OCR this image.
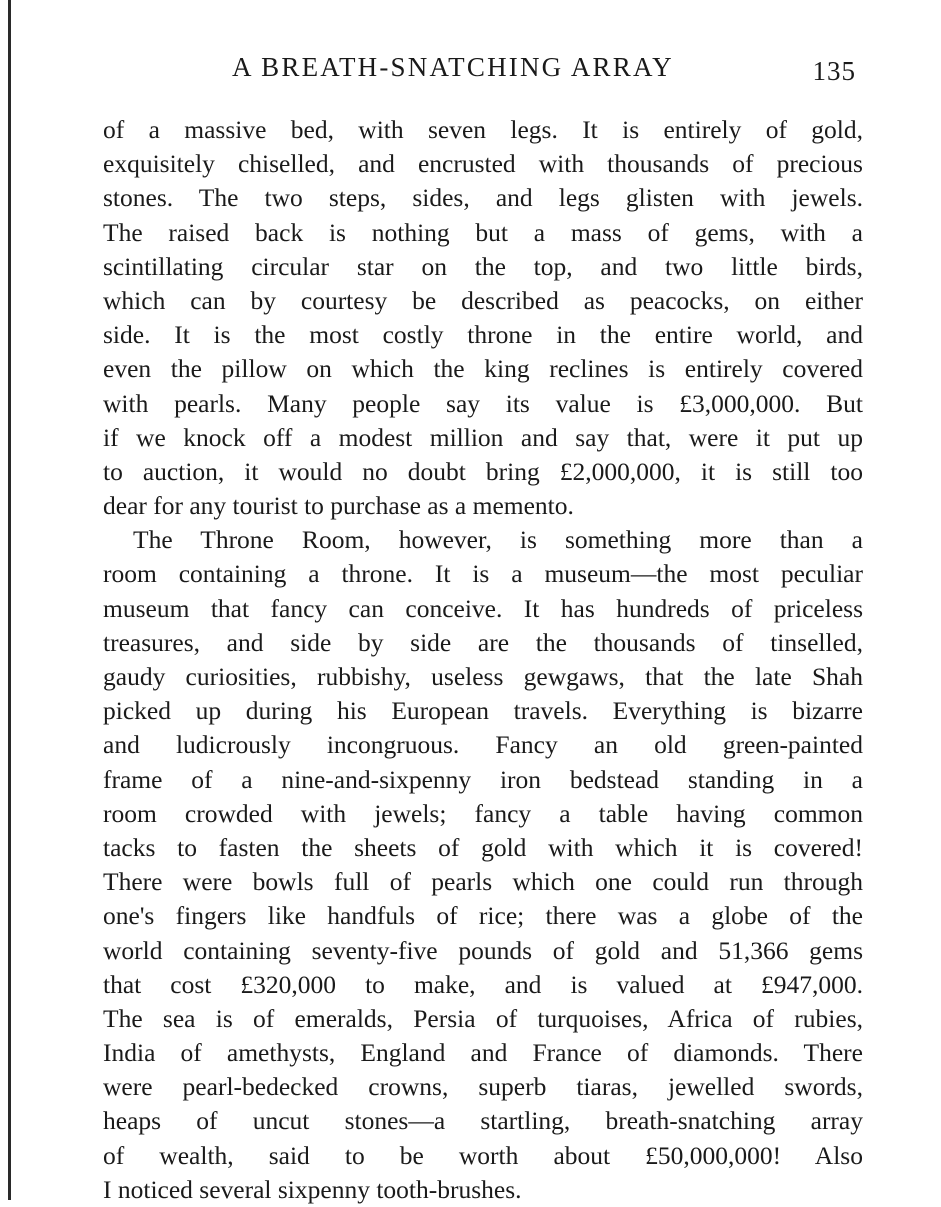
A BREATH-SNATCHING ARRAY	135
of a massive bed, with seven legs. It is entirely of gold,
exquisitely chiselled, and encrusted with thousands of precious
stones. The two steps, sides, and legs glisten with jewels.
The raised back is nothing but a mass of gems, with a
scintillating circular star on the top, and two little birds,
which can by courtesy be described as peacocks, on either
side. It is the most costly throne in the entire world, and
even the pillow on which the king reclines is entirely covered
with pearls. Many people say its value is £3,000,000. But
if we knock off a modest million and say that, were it put up
to auction, it would no doubt bring £2,000,000, it is still too
dear for any tourist to purchase as a memento.
The Throne Room, however, is something more than a
room containing a throne. It is a museum—the most peculiar
museum that fancy can conceive. It has hundreds of priceless
treasures, and side by side are the thousands of tinselled,
gaudy curiosities, rubbishy, useless gewgaws, that the late Shah
picked up during his European travels. Everything is bizarre
and ludicrously incongruous. Fancy an old green-painted
frame of a nine-and-sixpenny iron bedstead standing in a
room crowded with jewels; fancy a table having common
tacks to fasten the sheets of gold with which it is covered!
There were bowls full of pearls which one could run through
one's fingers like handfuls of rice; there was a globe of the
world containing seventy-five pounds of gold and 51,366 gems
that cost £320,000 to make, and is valued at £947,000.
The sea is of emeralds, Persia of turquoises, Africa of rubies,
India of amethysts, England and France of diamonds. There
were pearl-bedecked crowns, superb tiaras, jewelled swords,
heaps of uncut stones—a startling, breath-snatching array
of wealth, said to be worth about £50,000,000! Also
I noticed several sixpenny tooth-brushes.
